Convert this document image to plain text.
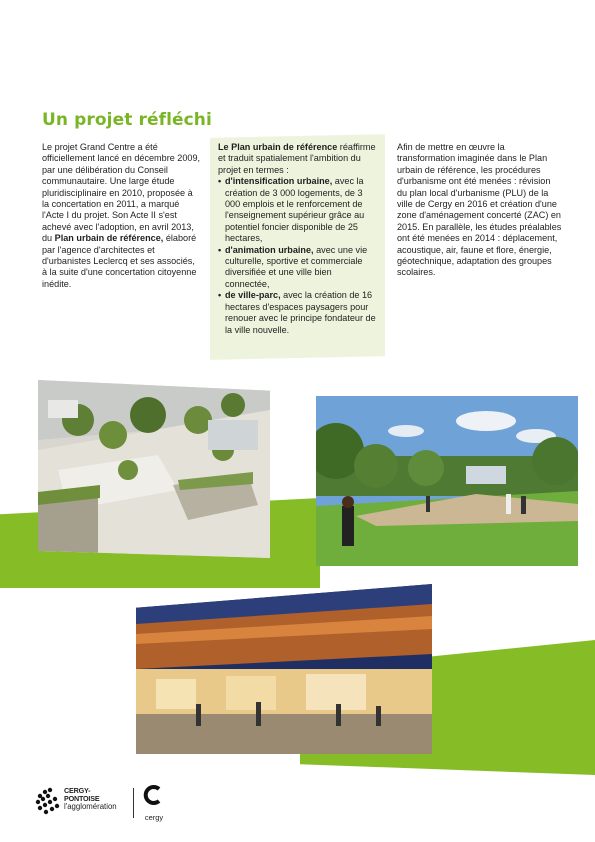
Un projet réfléchi

Le projet Grand Centre a été officiellement lancé en décembre 2009, par une délibération du Conseil communautaire. Une large étude pluridisciplinaire en 2010, proposée à la concertation en 2011, a marqué l'Acte I du projet. Son Acte II s'est achevé avec l'adoption, en avril 2013, du Plan urbain de référence, élaboré par l'agence d'architectes et d'urbanistes Leclercq et ses associés, à la suite d'une concertation citoyenne inédite.

Le Plan urbain de référence réaffirme et traduit spatialement l'ambition du projet en termes :

• d'intensification urbaine, avec la création de 3 000 logements, de 3 000 emplois et le renforcement de l'enseignement supérieur grâce au potentiel foncier disponible de 25 hectares,
• d'animation urbaine, avec une vie culturelle, sportive et commerciale diversifiée et une ville bien connectée,
• de ville-parc, avec la création de 16 hectares d'espaces paysagers pour renouer avec le principe fondateur de la ville nouvelle.

Afin de mettre en œuvre la transformation imaginée dans le Plan urbain de référence, les procédures d'urbanisme ont été menées : révision du plan local d'urbanisme (PLU) de la ville de Cergy en 2016 et création d'une zone d'aménagement concerté (ZAC) en 2015. En parallèle, les études préalables ont été menées en 2014 : déplacement, acoustique, air, faune et flore, énergie, géotechnique, adaptation des groupes scolaires.

CERGY-
PONTOISE
l'agglomération
cergy
